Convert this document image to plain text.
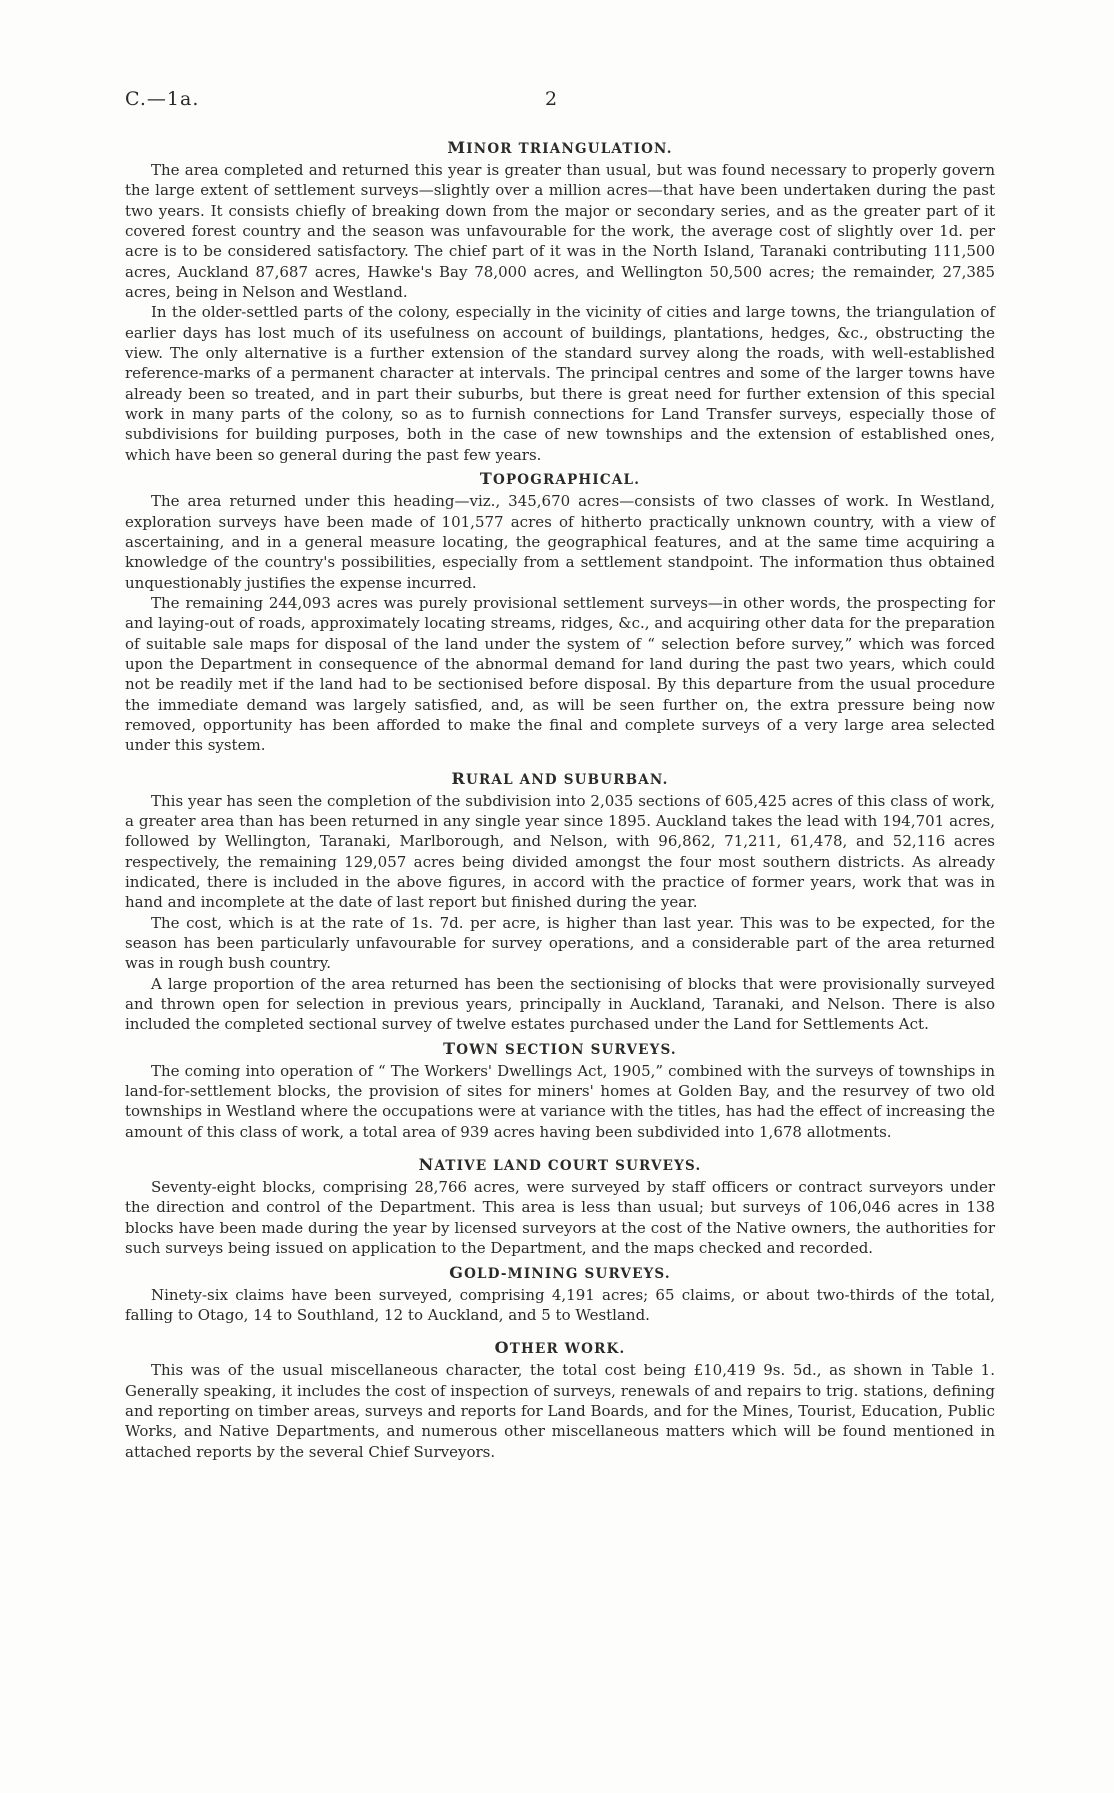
C.—1a.	2
MINOR TRIANGULATION.

The area completed and returned this year is greater than usual, but was found necessary to properly govern the large extent of settlement surveys—slightly over a million acres—that have been undertaken during the past two years. It consists chiefly of breaking down from the major or secondary series, and as the greater part of it covered forest country and the season was unfavourable for the work, the average cost of slightly over 1d. per acre is to be considered satisfactory. The chief part of it was in the North Island, Taranaki contributing 111,500 acres, Auckland 87,687 acres, Hawke's Bay 78,000 acres, and Wellington 50,500 acres; the remainder, 27,385 acres, being in Nelson and Westland.

In the older-settled parts of the colony, especially in the vicinity of cities and large towns, the triangulation of earlier days has lost much of its usefulness on account of buildings, plantations, hedges, &c., obstructing the view. The only alternative is a further extension of the standard survey along the roads, with well-established reference-marks of a permanent character at intervals. The principal centres and some of the larger towns have already been so treated, and in part their suburbs, but there is great need for further extension of this special work in many parts of the colony, so as to furnish connections for Land Transfer surveys, especially those of subdivisions for building purposes, both in the case of new townships and the extension of established ones, which have been so general during the past few years.

TOPOGRAPHICAL.

The area returned under this heading—viz., 345,670 acres—consists of two classes of work. In Westland, exploration surveys have been made of 101,577 acres of hitherto practically unknown country, with a view of ascertaining, and in a general measure locating, the geographical features, and at the same time acquiring a knowledge of the country's possibilities, especially from a settlement standpoint. The information thus obtained unquestionably justifies the expense incurred.

The remaining 244,093 acres was purely provisional settlement surveys—in other words, the prospecting for and laying-out of roads, approximately locating streams, ridges, &c., and acquiring other data for the preparation of suitable sale maps for disposal of the land under the system of “ selection before survey,” which was forced upon the Department in consequence of the abnormal demand for land during the past two years, which could not be readily met if the land had to be sectionised before disposal. By this departure from the usual procedure the immediate demand was largely satisfied, and, as will be seen further on, the extra pressure being now removed, opportunity has been afforded to make the final and complete surveys of a very large area selected under this system.

RURAL AND SUBURBAN.

This year has seen the completion of the subdivision into 2,035 sections of 605,425 acres of this class of work, a greater area than has been returned in any single year since 1895. Auckland takes the lead with 194,701 acres, followed by Wellington, Taranaki, Marlborough, and Nelson, with 96,862, 71,211, 61,478, and 52,116 acres respectively, the remaining 129,057 acres being divided amongst the four most southern districts. As already indicated, there is included in the above figures, in accord with the practice of former years, work that was in hand and incomplete at the date of last report but finished during the year.

The cost, which is at the rate of 1s. 7d. per acre, is higher than last year. This was to be expected, for the season has been particularly unfavourable for survey operations, and a considerable part of the area returned was in rough bush country.

A large proportion of the area returned has been the sectionising of blocks that were provisionally surveyed and thrown open for selection in previous years, principally in Auckland, Taranaki, and Nelson. There is also included the completed sectional survey of twelve estates purchased under the Land for Settlements Act.

TOWN SECTION SURVEYS.

The coming into operation of “ The Workers' Dwellings Act, 1905,” combined with the surveys of townships in land-for-settlement blocks, the provision of sites for miners' homes at Golden Bay, and the resurvey of two old townships in Westland where the occupations were at variance with the titles, has had the effect of increasing the amount of this class of work, a total area of 939 acres having been subdivided into 1,678 allotments.

NATIVE LAND COURT SURVEYS.

Seventy-eight blocks, comprising 28,766 acres, were surveyed by staff officers or contract surveyors under the direction and control of the Department. This area is less than usual; but surveys of 106,046 acres in 138 blocks have been made during the year by licensed surveyors at the cost of the Native owners, the authorities for such surveys being issued on application to the Department, and the maps checked and recorded.

GOLD-MINING SURVEYS.

Ninety-six claims have been surveyed, comprising 4,191 acres; 65 claims, or about two-thirds of the total, falling to Otago, 14 to Southland, 12 to Auckland, and 5 to Westland.

OTHER WORK.

This was of the usual miscellaneous character, the total cost being £10,419 9s. 5d., as shown in Table 1. Generally speaking, it includes the cost of inspection of surveys, renewals of and repairs to trig. stations, defining and reporting on timber areas, surveys and reports for Land Boards, and for the Mines, Tourist, Education, Public Works, and Native Departments, and numerous other miscellaneous matters which will be found mentioned in attached reports by the several Chief Surveyors.
